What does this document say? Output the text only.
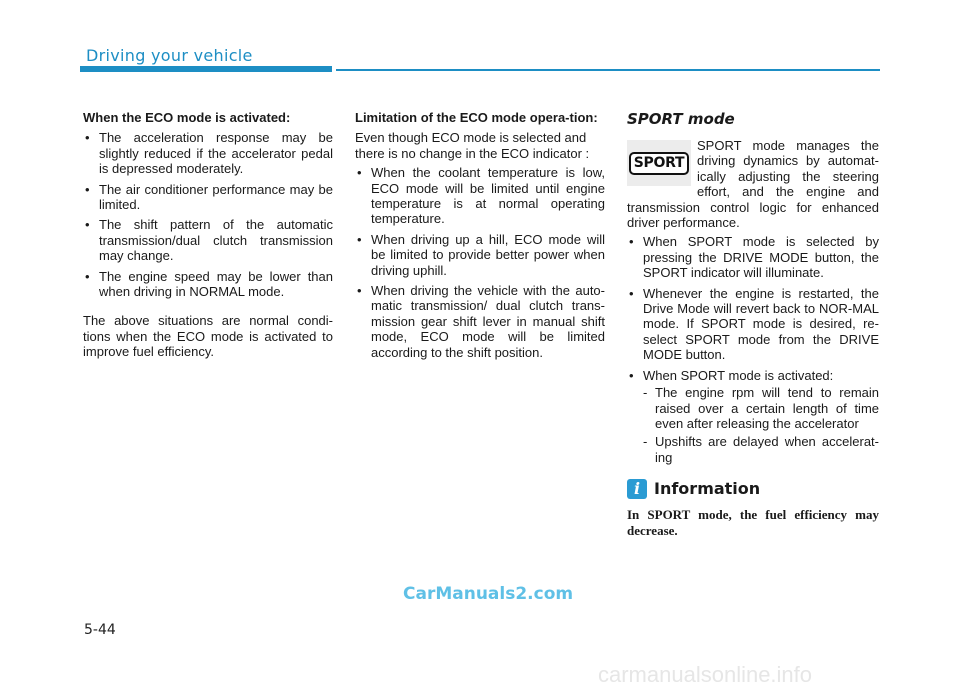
Driving your vehicle

When the ECO mode is activated:

• The acceleration response may be slightly reduced if the accelerator pedal is depressed moderately.
• The air conditioner performance may be limited.
• The shift pattern of the automatic transmission/dual clutch transmission may change.
• The engine speed may be lower than when driving in NORMAL mode.

The above situations are normal condi-tions when the ECO mode is activated to improve fuel efficiency.

Limitation of the ECO mode opera-tion:

Even though ECO mode is selected and there is no change in the ECO indicator :

• When the coolant temperature is low, ECO mode will be limited until engine temperature is at normal operating temperature.
• When driving up a hill, ECO mode will be limited to provide better power when driving uphill.
• When driving the vehicle with the auto-matic transmission/ dual clutch trans-mission gear shift lever in manual shift mode, ECO mode will be limited according to the shift position.
SPORT mode
SPORT

SPORT mode manages the driving dynamics by automat-ically adjusting the steering effort, and the engine and transmission control logic for enhanced driver performance.

• When SPORT mode is selected by pressing the DRIVE MODE button, the SPORT indicator will illuminate.
• Whenever the engine is restarted, the Drive Mode will revert back to NOR-MAL mode. If SPORT mode is desired, re-select SPORT mode from the DRIVE MODE button.
• When SPORT mode is activated:
- The engine rpm will tend to remain raised over a certain length of time even after releasing the accelerator
- Upshifts are delayed when accelerat-ing
i Information

In SPORT mode, the fuel efficiency may decrease.

CarManuals2.com
5-44
carmanualsonline.info
